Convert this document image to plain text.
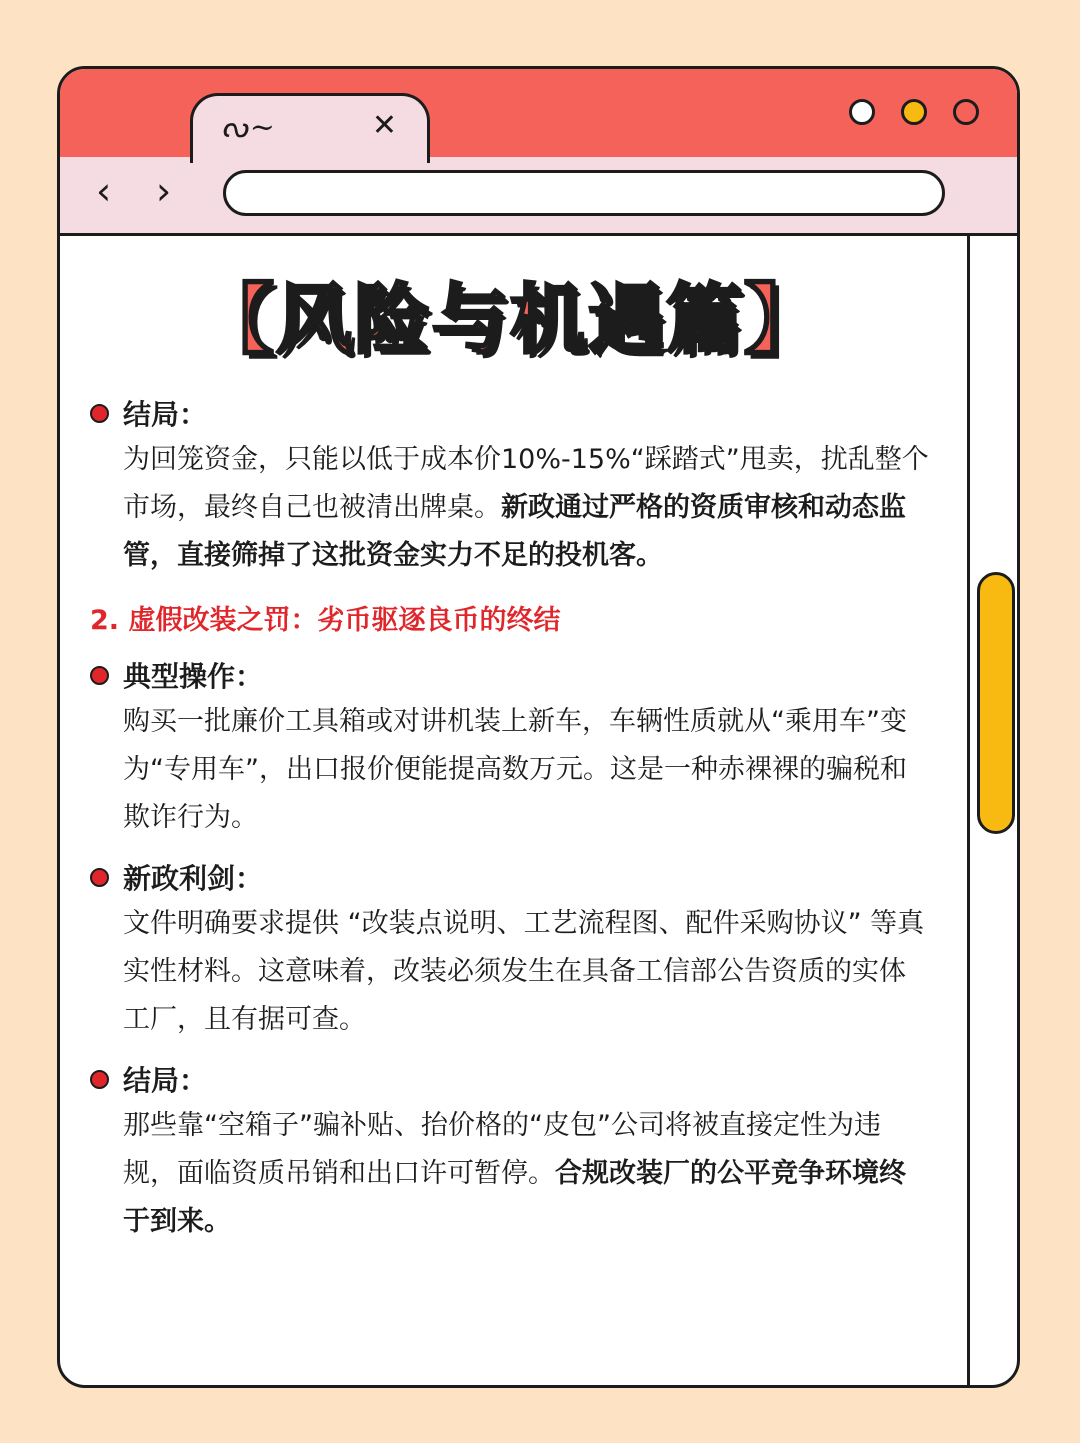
ᔓ~	✕
‹ ›
【风险与机遇篇】
结局：
为回笼资金，只能以低于成本价10%-15%“踩踏式”甩卖，扰乱整个市场，最终自己也被清出牌桌。新政通过严格的资质审核和动态监管，直接筛掉了这批资金实力不足的投机客。
2. 虚假改装之罚：劣币驱逐良币的终结
典型操作：
购买一批廉价工具箱或对讲机装上新车，车辆性质就从“乘用车”变为“专用车”，出口报价便能提高数万元。这是一种赤裸裸的骗税和欺诈行为。
新政利剑：
文件明确要求提供 “改装点说明、工艺流程图、配件采购协议” 等真实性材料。这意味着，改装必须发生在具备工信部公告资质的实体工厂，且有据可查。
结局：
那些靠“空箱子”骗补贴、抬价格的“皮包”公司将被直接定性为违规，面临资质吊销和出口许可暂停。合规改装厂的公平竞争环境终于到来。
